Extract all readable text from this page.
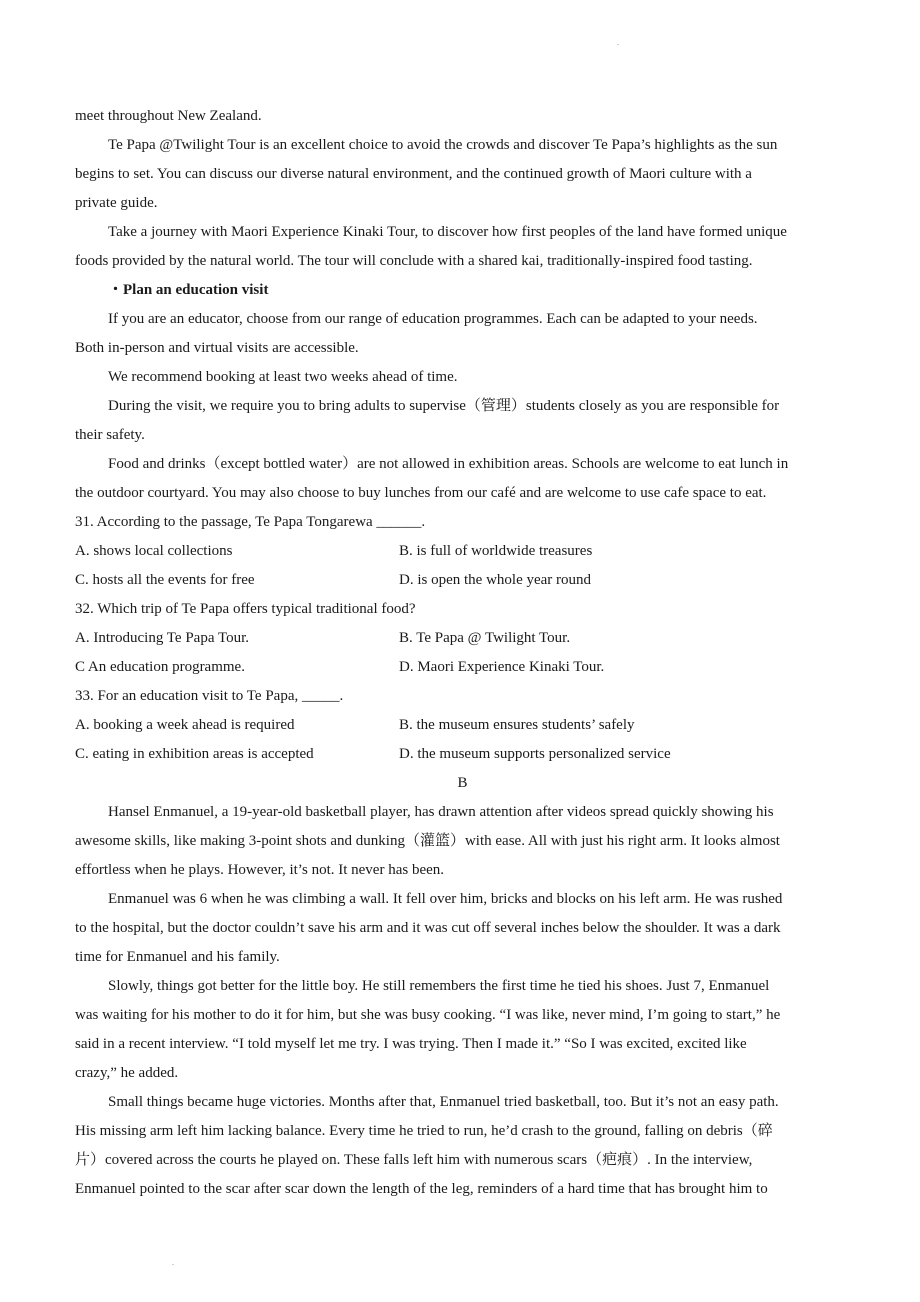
.
meet throughout New Zealand.
Te Papa @Twilight Tour is an excellent choice to avoid the crowds and discover Te Papa’s highlights as the sun
begins to set. You can discuss our diverse natural environment, and the continued growth of Maori culture with a
private guide.
Take a journey with Maori Experience Kinaki Tour, to discover how first peoples of the land have formed unique
foods provided by the natural world. The tour will conclude with a shared kai, traditionally-inspired food tasting.
・Plan an education visit
If you are an educator, choose from our range of education programmes. Each can be adapted to your needs.
Both in-person and virtual visits are accessible.
We recommend booking at least two weeks ahead of time.
During the visit, we require you to bring adults to supervise（管理）students closely as you are responsible for
their safety.
Food and drinks（except bottled water）are not allowed in exhibition areas. Schools are welcome to eat lunch in
the outdoor courtyard. You may also choose to buy lunches from our café and are welcome to use cafe space to eat.
31. According to the passage, Te Papa Tongarewa ______.
A. shows local collections	B. is full of worldwide treasures
C. hosts all the events for free	D. is open the whole year round
32. Which trip of Te Papa offers typical traditional food?
A. Introducing Te Papa Tour.	B. Te Papa @ Twilight Tour.
C An education programme.	D. Maori Experience Kinaki Tour.
33. For an education visit to Te Papa, _____.
A. booking a week ahead is required	B. the museum ensures students’ safely
C. eating in exhibition areas is accepted	D. the museum supports personalized service
B
Hansel Enmanuel, a 19-year-old basketball player, has drawn attention after videos spread quickly showing his
awesome skills, like making 3-point shots and dunking（灌篮）with ease. All with just his right arm. It looks almost
effortless when he plays. However, it’s not. It never has been.
Enmanuel was 6 when he was climbing a wall. It fell over him, bricks and blocks on his left arm. He was rushed
to the hospital, but the doctor couldn’t save his arm and it was cut off several inches below the shoulder. It was a dark
time for Enmanuel and his family.
Slowly, things got better for the little boy. He still remembers the first time he tied his shoes. Just 7, Enmanuel
was waiting for his mother to do it for him, but she was busy cooking. “I was like, never mind, I’m going to start,” he
said in a recent interview. “I told myself let me try. I was trying. Then I made it.” “So I was excited, excited like
crazy,” he added.
Small things became huge victories. Months after that, Enmanuel tried basketball, too. But it’s not an easy path.
His missing arm left him lacking balance. Every time he tried to run, he’d crash to the ground, falling on debris（碎
片）covered across the courts he played on. These falls left him with numerous scars（疤痕）. In the interview,
Enmanuel pointed to the scar after scar down the length of the leg, reminders of a hard time that has brought him to
.
